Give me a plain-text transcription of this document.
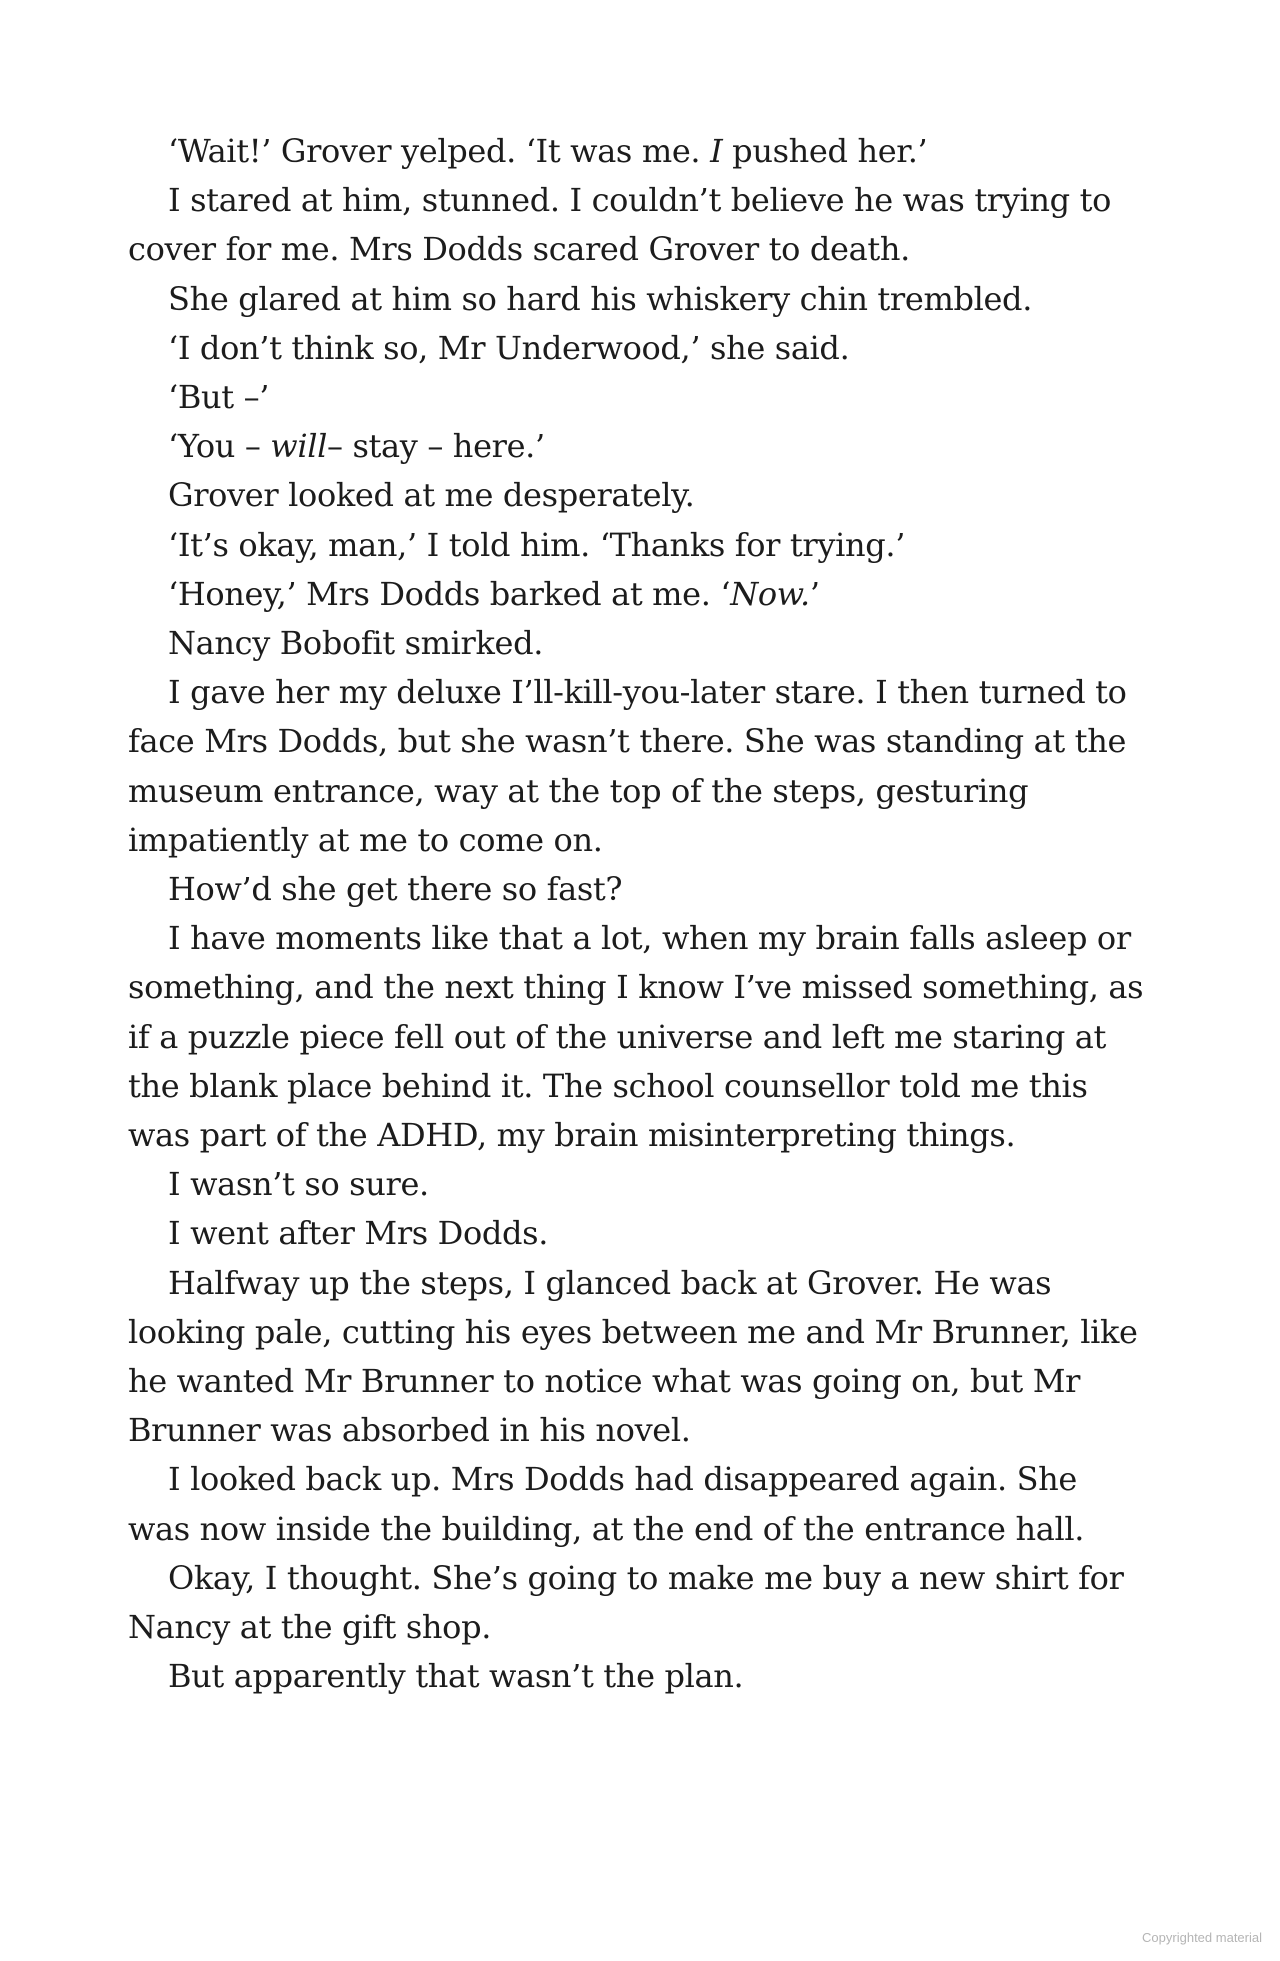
‘Wait!’ Grover yelped. ‘It was me. I pushed her.’

I stared at him, stunned. I couldn’t believe he was trying to cover for me. Mrs Dodds scared Grover to death.

She glared at him so hard his whiskery chin trembled.

‘I don’t think so, Mr Underwood,’ she said.

‘But –’

‘You – will– stay – here.’

Grover looked at me desperately.

‘It’s okay, man,’ I told him. ‘Thanks for trying.’

‘Honey,’ Mrs Dodds barked at me. ‘Now.’

Nancy Bobofit smirked.

I gave her my deluxe I’ll-kill-you-later stare. I then turned to face Mrs Dodds, but she wasn’t there. She was standing at the museum entrance, way at the top of the steps, gesturing impatiently at me to come on.

How’d she get there so fast?

I have moments like that a lot, when my brain falls asleep or something, and the next thing I know I’ve missed something, as if a puzzle piece fell out of the universe and left me staring at the blank place behind it. The school counsellor told me this was part of the ADHD, my brain misinterpreting things.

I wasn’t so sure.

I went after Mrs Dodds.

Halfway up the steps, I glanced back at Grover. He was looking pale, cutting his eyes between me and Mr Brunner, like he wanted Mr Brunner to notice what was going on, but Mr Brunner was absorbed in his novel.

I looked back up. Mrs Dodds had disappeared again. She was now inside the building, at the end of the entrance hall.

Okay, I thought. She’s going to make me buy a new shirt for Nancy at the gift shop.

But apparently that wasn’t the plan.

Copyrighted material
